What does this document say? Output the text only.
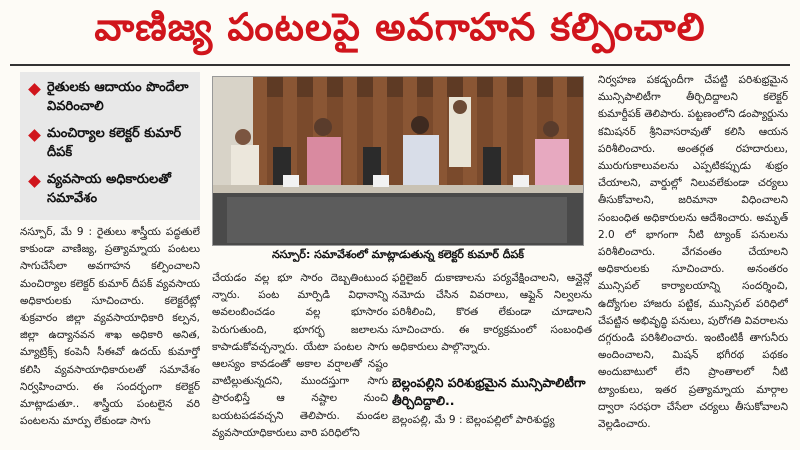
వాణిజ్య పంటలపై అవగాహన కల్పించాలి
రైతులకు ఆదాయం పొందేలా వివరించాలి
మంచిర్యాల కలెక్టర్ కుమార్ దీపక్
వ్యవసాయ అధికారులతో సమావేశం

నస్పూర్, మే 9 : రైతులు శాస్త్రీయ పద్ధతులే కాకుండా వాణిజ్య, ప్రత్యామ్నాయ పంటలు సాగుచేసేలా అవగాహన కల్పించాలని మంచిర్యాల కలెక్టర్ కుమార్ దీపక్ వ్యవసాయ అధికారులకు సూచించారు. కలెక్టరేట్లో శుక్రవారం జిల్లా వ్యవసాయాధికారి కల్పన, జిల్లా ఉద్యానవన శాఖ అధికారి అనిత, మ్యాట్రిక్స్ కంపెనీ సీఈవో ఉదయ్ కుమార్తో కలిసి వ్యవసాయాధికారులతో సమావేశం నిర్వహించారు. ఈ సందర్భంగా కలెక్టర్ మాట్లాడుతూ.. శాస్త్రీయ పంటలైన వరి పంటలను మార్పు లేకుండా సాగు

నస్పూర్: సమావేశంలో మాట్లాడుతున్న కలెక్టర్ కుమార్ దీపక్

చేయడం వల్ల భూ సారం దెబ్బతింటుంద న్నారు. పంట మార్పిడి విధానాన్ని అవలంబించడం వల్ల భూసారం పెరుగుతుంది, భూగర్భ జలాలను కాపాడుకోవచ్చన్నారు. యేటా పంటల సాగు ఆలస్యం కావడంతో అకాల వర్షాలతో నష్టం వాటిల్లుతున్నదని, ముందస్తుగా సాగు ప్రారంభిస్తే ఆ నష్టాల నుంచి బయటపడవచ్చని తెలిపారు. మండల వ్యవసాయాధికారులు వారి పరిధిలోని

ఫర్టిలైజర్ దుకాణాలను పర్యవేక్షించాలని, ఆన్లైన్లో నమోదు చేసిన వివరాలు, ఆఫ్లైన్ నిల్వలను పరిశీలించి, కొరత లేకుండా చూడాలని సూచించారు. ఈ కార్యక్రమంలో సంబంధిత అధికారులు పాల్గొన్నారు.

బెల్లంపల్లిని పరిశుభ్రమైన మున్సిపాలిటీగా తీర్చిదిద్దాలి..

బెల్లంపల్లి, మే 9 : బెల్లంపల్లిలో పారిశుద్ధ్య

నిర్వహణ పకడ్బందీగా చేపట్టి పరిశుభ్రమైన మున్సిపాలిటీగా తీర్చిదిద్దాలని కలెక్టర్ కుమార్దీపక్ తెలిపారు. పట్టణంలోని డంప్యార్డును కమిషనర్ శ్రీనివాసరావుతో కలిసి ఆయన పరిశీలించారు. అంతర్గత రహదారులు, మురుగుకాలువలను ఎప్పటికప్పుడు శుభ్రం చేయాలని, వార్డుల్లో నిలువలేకుండా చర్యలు తీసుకోవాలని, జరిమానా విధించాలని సంబంధిత అధికారులను ఆదేశించారు. అమృత్ 2.0 లో భాగంగా నీటి ట్యాంక్ పనులను పరిశీలించారు. వేగవంతం చేయాలని అధికారులకు సూచించారు. అనంతరం మున్సిపల్ కార్యాలయాన్ని సందర్శించి, ఉద్యోగుల హాజరు పట్టిక, మున్సిపల్ పరిధిలో చేపట్టిన అభివృద్ధి పనులు, పురోగతి వివరాలను దగ్గరుండి పరిశీలించారు. ఇంటింటికీ తాగునీరు అందించాలని, మిషన్ భగీరథ పథకం అందుబాటులో లేని ప్రాంతాలలో నీటి ట్యాంకులు, ఇతర ప్రత్యామ్నాయ మార్గాల ద్వారా సరఫరా చేసేలా చర్యలు తీసుకోవాలని వెల్లడించారు.
